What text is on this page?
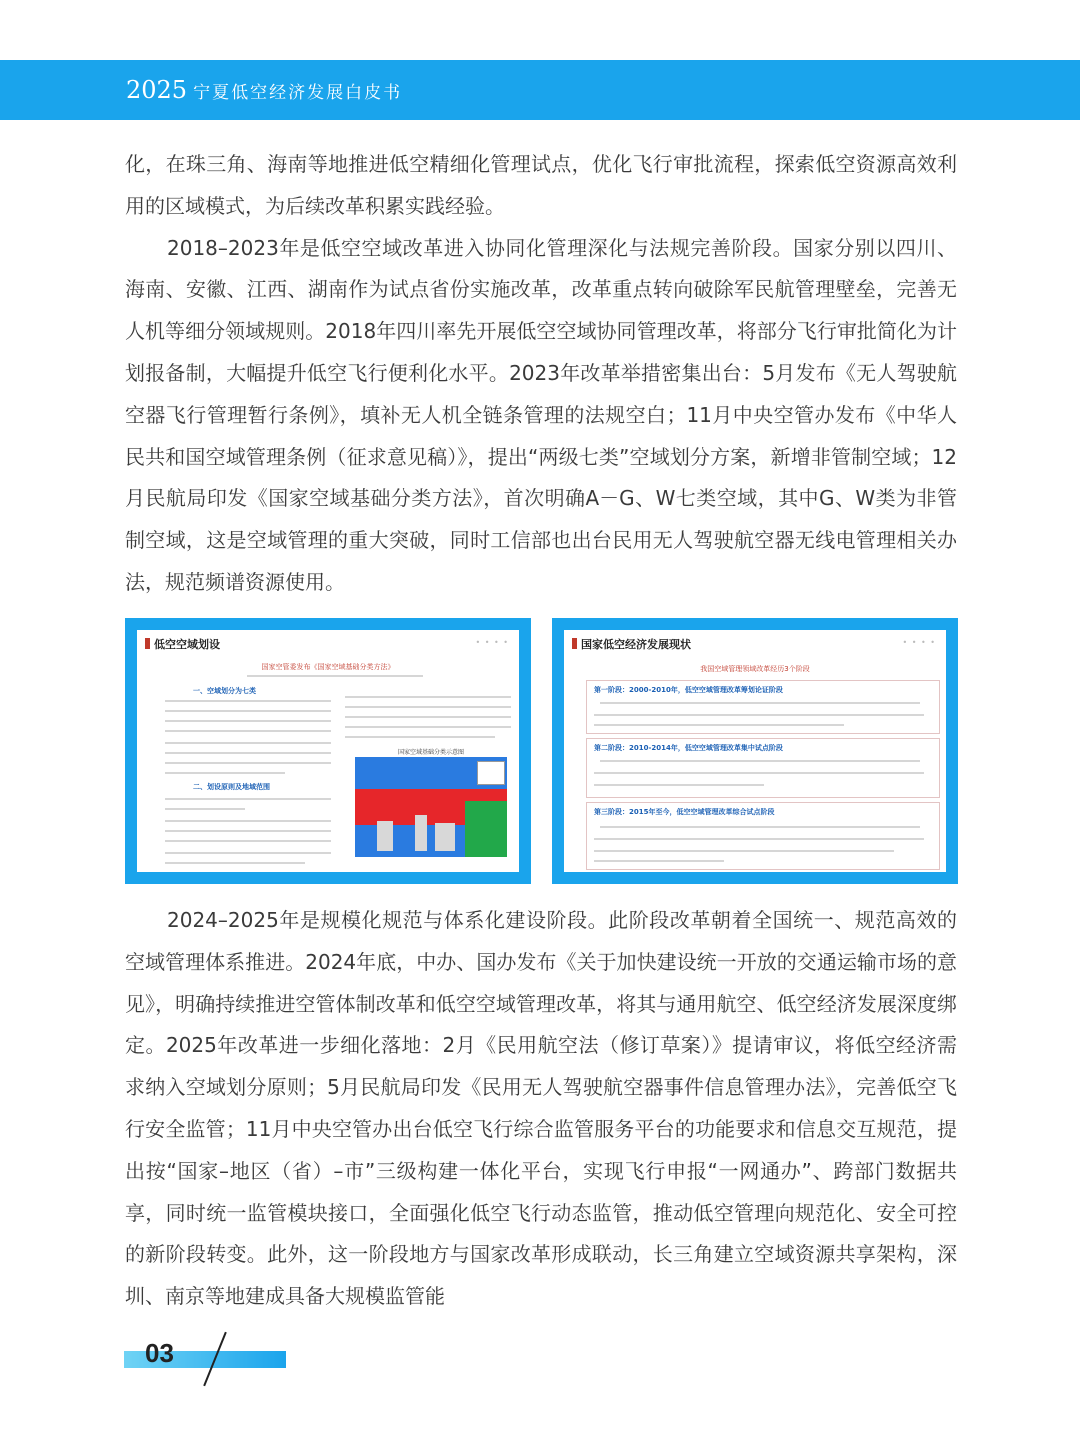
2025 宁夏低空经济发展白皮书

化，在珠三角、海南等地推进低空精细化管理试点，优化飞行审批流程，探索低空资源高效利用的区域模式，为后续改革积累实践经验。

2018–2023年是低空空域改革进入协同化管理深化与法规完善阶段。国家分别以四川、海南、安徽、江西、湖南作为试点省份实施改革，改革重点转向破除军民航管理壁垒，完善无人机等细分领域规则。2018年四川率先开展低空空域协同管理改革，将部分飞行审批简化为计划报备制，大幅提升低空飞行便利化水平。2023年改革举措密集出台：5月发布《无人驾驶航空器飞行管理暂行条例》，填补无人机全链条管理的法规空白；11月中央空管办发布《中华人民共和国空域管理条例（征求意见稿）》，提出“两级七类”空域划分方案，新增非管制空域；12月民航局印发《国家空域基础分类方法》，首次明确A－G、W七类空域，其中G、W类为非管制空域，这是空域管理的重大突破，同时工信部也出台民用无人驾驶航空器无线电管理相关办法，规范频谱资源使用。

低空空域划设	• • • •
国家空管委发布《国家空域基础分类方法》
一、空域划分为七类
二、划设原则及地域范围
国家空域基础分类示意图
国家低空经济发展现状	• • • •
我国空域管理领域改革经历3个阶段
第一阶段：2000-2010年，低空空域管理改革筹划论证阶段
第二阶段：2010-2014年，低空空域管理改革集中试点阶段
第三阶段：2015年至今，低空空域管理改革综合试点阶段

2024–2025年是规模化规范与体系化建设阶段。此阶段改革朝着全国统一、规范高效的空域管理体系推进。2024年底，中办、国办发布《关于加快建设统一开放的交通运输市场的意见》，明确持续推进空管体制改革和低空空域管理改革，将其与通用航空、低空经济发展深度绑定。2025年改革进一步细化落地：2月《民用航空法（修订草案）》提请审议，将低空经济需求纳入空域划分原则；5月民航局印发《民用无人驾驶航空器事件信息管理办法》，完善低空飞行安全监管；11月中央空管办出台低空飞行综合监管服务平台的功能要求和信息交互规范，提出按“国家–地区（省）–市”三级构建一体化平台，实现飞行申报“一网通办”、跨部门数据共享，同时统一监管模块接口，全面强化低空飞行动态监管，推动低空管理向规范化、安全可控的新阶段转变。此外，这一阶段地方与国家改革形成联动，长三角建立空域资源共享架构，深圳、南京等地建成具备大规模监管能

03
